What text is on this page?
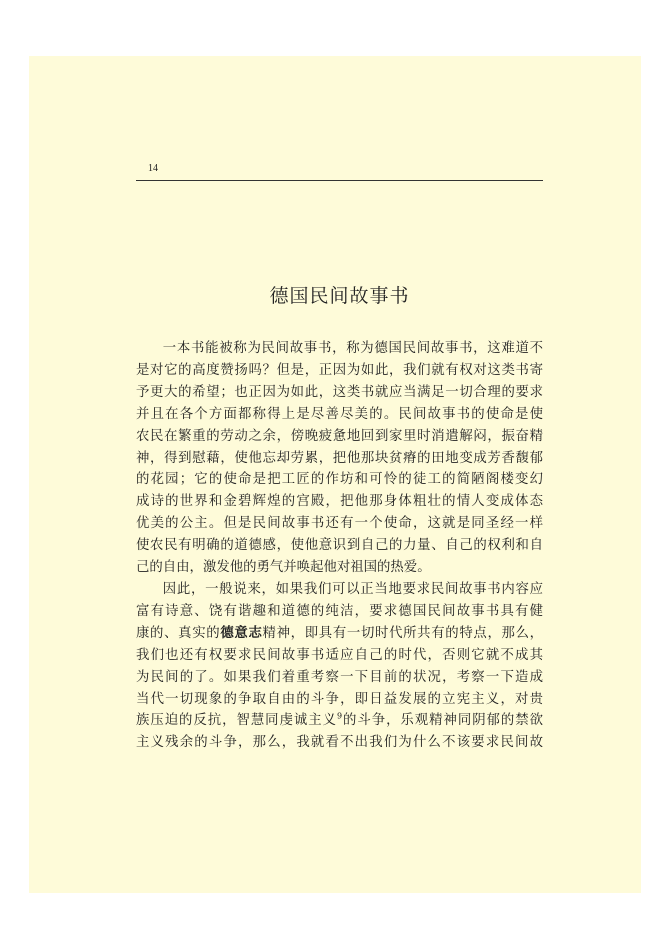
14
德国民间故事书

一本书能被称为民间故事书，称为德国民间故事书，这难道不
是对它的高度赞扬吗？但是，正因为如此，我们就有权对这类书寄
予更大的希望；也正因为如此，这类书就应当满足一切合理的要求
并且在各个方面都称得上是尽善尽美的。民间故事书的使命是使
农民在繁重的劳动之余，傍晚疲惫地回到家里时消遣解闷，振奋精
神，得到慰藉，使他忘却劳累，把他那块贫瘠的田地变成芳香馥郁
的花园；它的使命是把工匠的作坊和可怜的徒工的简陋阁楼变幻
成诗的世界和金碧辉煌的宫殿，把他那身体粗壮的情人变成体态
优美的公主。但是民间故事书还有一个使命，这就是同圣经一样
使农民有明确的道德感，使他意识到自己的力量、自己的权利和自
己的自由，激发他的勇气并唤起他对祖国的热爱。

因此，一般说来，如果我们可以正当地要求民间故事书内容应
富有诗意、饶有谐趣和道德的纯洁，要求德国民间故事书具有健
康的、真实的德意志精神，即具有一切时代所共有的特点，那么，
我们也还有权要求民间故事书适应自己的时代，否则它就不成其
为民间的了。如果我们着重考察一下目前的状况，考察一下造成
当代一切现象的争取自由的斗争，即日益发展的立宪主义，对贵
族压迫的反抗，智慧同虔诚主义$^9$的斗争，乐观精神同阴郁的禁欲
主义残余的斗争，那么，我就看不出我们为什么不该要求民间故
